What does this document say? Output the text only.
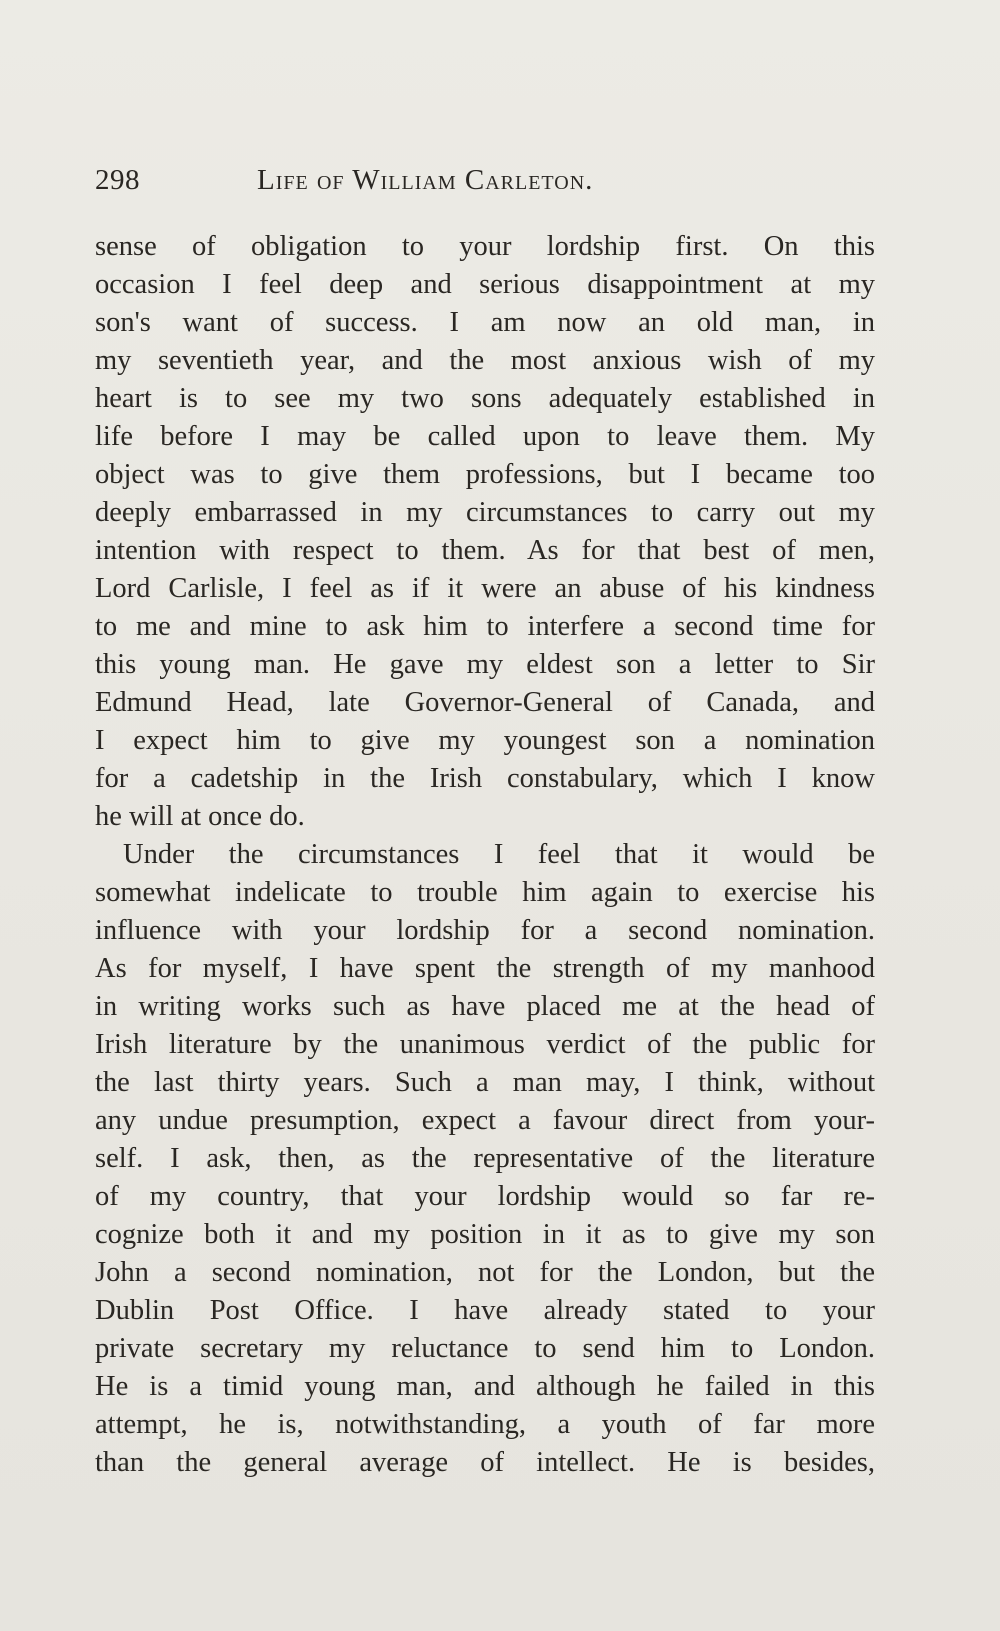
298	Life of William Carleton.
sense of obligation to your lordship first. On this
occasion I feel deep and serious disappointment at my
son's want of success. I am now an old man, in
my seventieth year, and the most anxious wish of my
heart is to see my two sons adequately established in
life before I may be called upon to leave them. My
object was to give them professions, but I became too
deeply embarrassed in my circumstances to carry out my
intention with respect to them. As for that best of men,
Lord Carlisle, I feel as if it were an abuse of his kindness
to me and mine to ask him to interfere a second time for
this young man. He gave my eldest son a letter to Sir
Edmund Head, late Governor-General of Canada, and
I expect him to give my youngest son a nomination
for a cadetship in the Irish constabulary, which I know
he will at once do.
Under the circumstances I feel that it would be
somewhat indelicate to trouble him again to exercise his
influence with your lordship for a second nomination.
As for myself, I have spent the strength of my manhood
in writing works such as have placed me at the head of
Irish literature by the unanimous verdict of the public for
the last thirty years. Such a man may, I think, without
any undue presumption, expect a favour direct from your-
self. I ask, then, as the representative of the literature
of my country, that your lordship would so far re-
cognize both it and my position in it as to give my son
John a second nomination, not for the London, but the
Dublin Post Office. I have already stated to your
private secretary my reluctance to send him to London.
He is a timid young man, and although he failed in this
attempt, he is, notwithstanding, a youth of far more
than the general average of intellect. He is besides,
